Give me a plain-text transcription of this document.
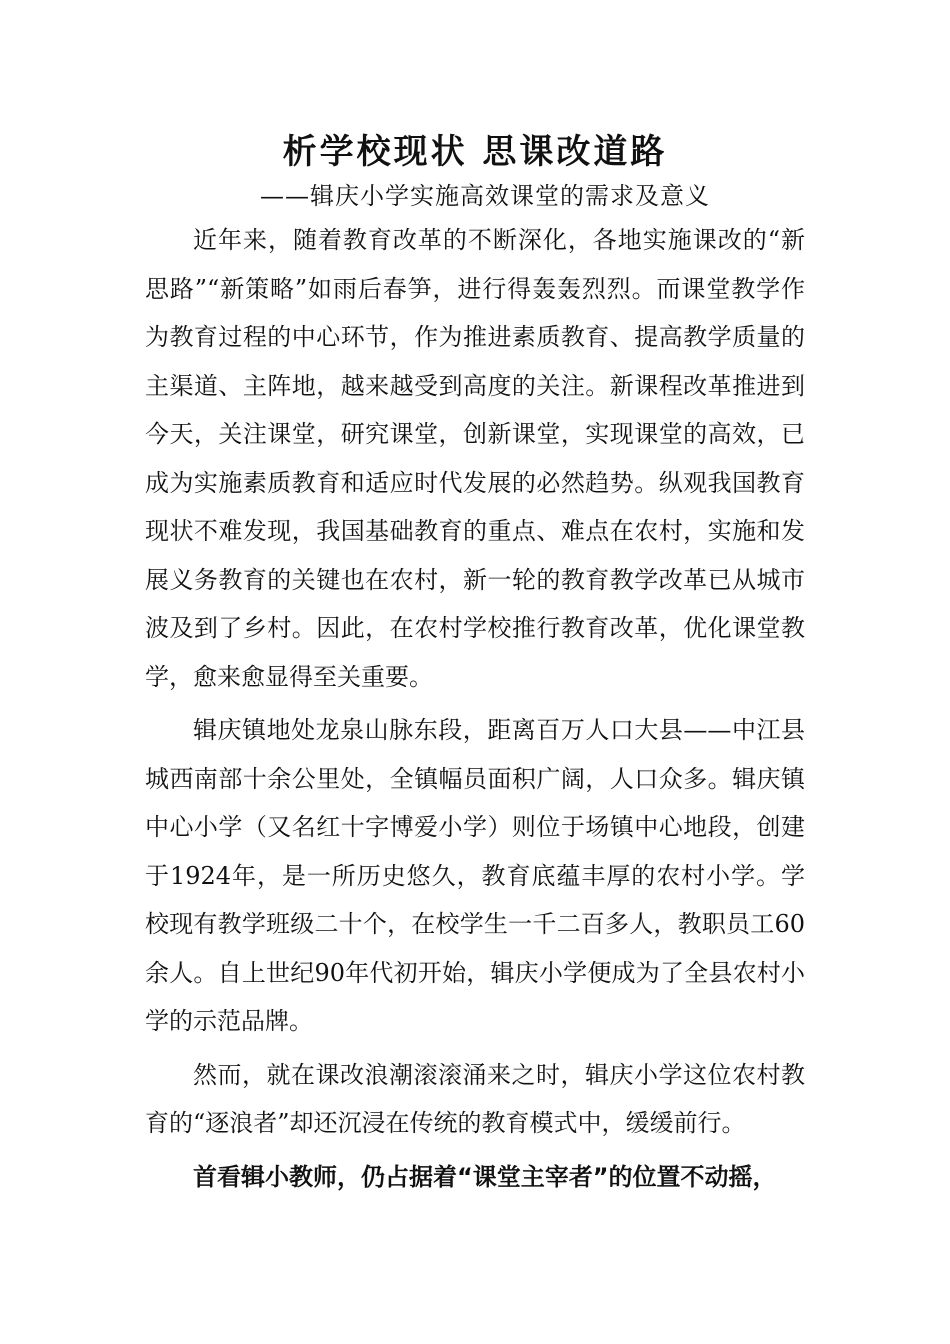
析学校现状 思课改道路
——辑庆小学实施高效课堂的需求及意义

近年来，随着教育改革的不断深化，各地实施课改的“新思路”“新策略”如雨后春笋，进行得轰轰烈烈。而课堂教学作为教育过程的中心环节，作为推进素质教育、提高教学质量的主渠道、主阵地，越来越受到高度的关注。新课程改革推进到今天，关注课堂，研究课堂，创新课堂，实现课堂的高效，已成为实施素质教育和适应时代发展的必然趋势。纵观我国教育现状不难发现，我国基础教育的重点、难点在农村，实施和发展义务教育的关键也在农村，新一轮的教育教学改革已从城市波及到了乡村。因此，在农村学校推行教育改革，优化课堂教学，愈来愈显得至关重要。

辑庆镇地处龙泉山脉东段，距离百万人口大县——中江县城西南部十余公里处，全镇幅员面积广阔，人口众多。辑庆镇中心小学（又名红十字博爱小学）则位于场镇中心地段，创建于1924年，是一所历史悠久，教育底蕴丰厚的农村小学。学校现有教学班级二十个，在校学生一千二百多人，教职员工60余人。自上世纪90年代初开始，辑庆小学便成为了全县农村小学的示范品牌。

然而，就在课改浪潮滚滚涌来之时，辑庆小学这位农村教育的“逐浪者”却还沉浸在传统的教育模式中，缓缓前行。

首看辑小教师，仍占据着“课堂主宰者”的位置不动摇，
